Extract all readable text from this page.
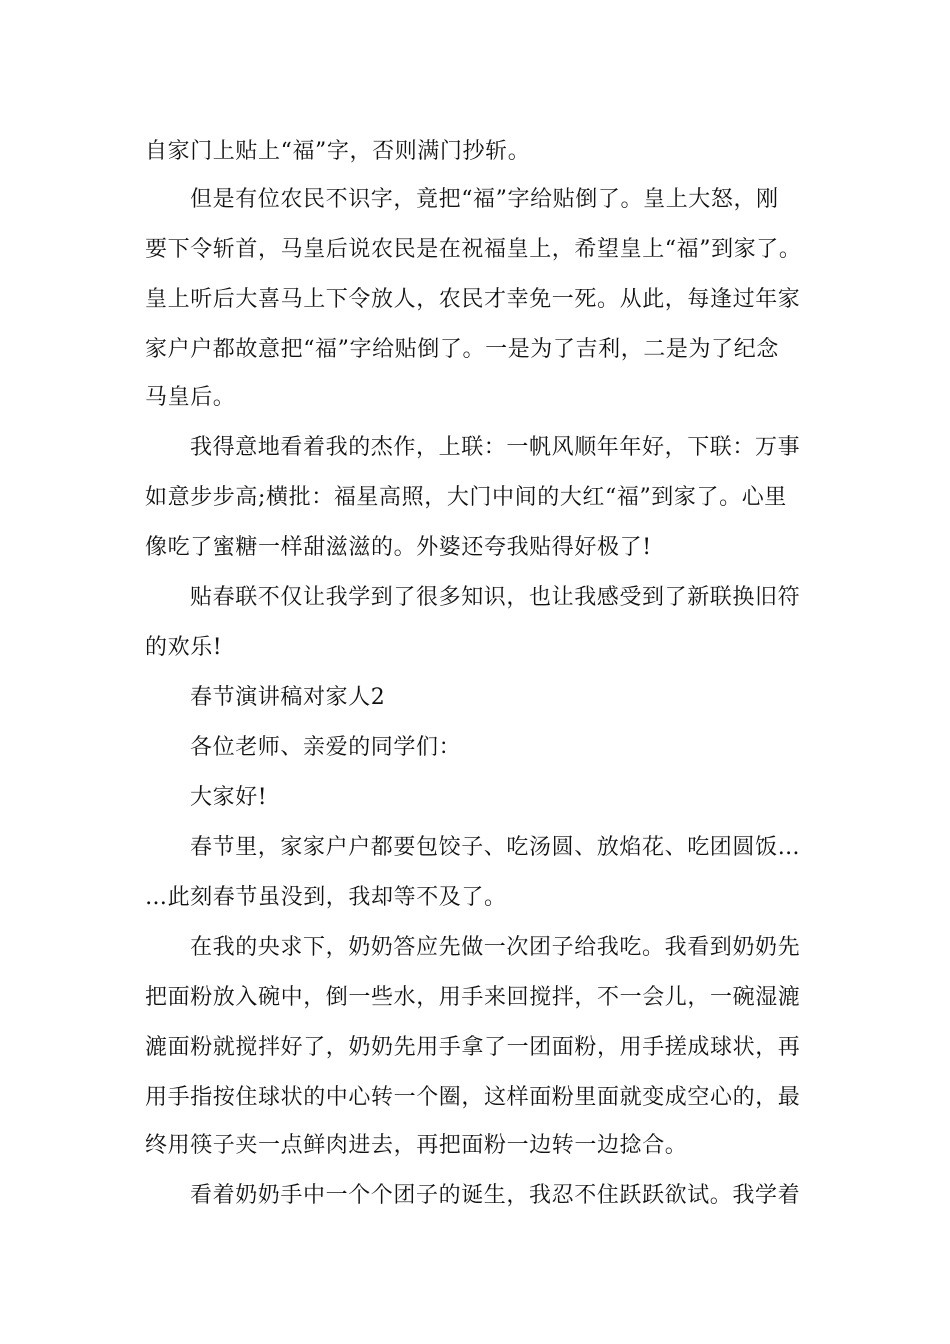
自家门上贴上“福”字，否则满门抄斩。
但是有位农民不识字，竟把“福”字给贴倒了。皇上大怒，刚
要下令斩首，马皇后说农民是在祝福皇上，希望皇上“福”到家了。
皇上听后大喜马上下令放人，农民才幸免一死。从此，每逢过年家
家户户都故意把“福”字给贴倒了。一是为了吉利，二是为了纪念
马皇后。
我得意地看着我的杰作，上联：一帆风顺年年好，下联：万事
如意步步高;横批：福星高照，大门中间的大红“福”到家了。心里
像吃了蜜糖一样甜滋滋的。外婆还夸我贴得好极了!
贴春联不仅让我学到了很多知识，也让我感受到了新联换旧符
的欢乐!
春节演讲稿对家人2
各位老师、亲爱的同学们：
大家好!
春节里，家家户户都要包饺子、吃汤圆、放焰花、吃团圆饭…
…此刻春节虽没到，我却等不及了。
在我的央求下，奶奶答应先做一次团子给我吃。我看到奶奶先
把面粉放入碗中，倒一些水，用手来回搅拌，不一会儿，一碗湿漉
漉面粉就搅拌好了，奶奶先用手拿了一团面粉，用手搓成球状，再
用手指按住球状的中心转一个圈，这样面粉里面就变成空心的，最
终用筷子夹一点鲜肉进去，再把面粉一边转一边捻合。
看着奶奶手中一个个团子的诞生，我忍不住跃跃欲试。我学着
